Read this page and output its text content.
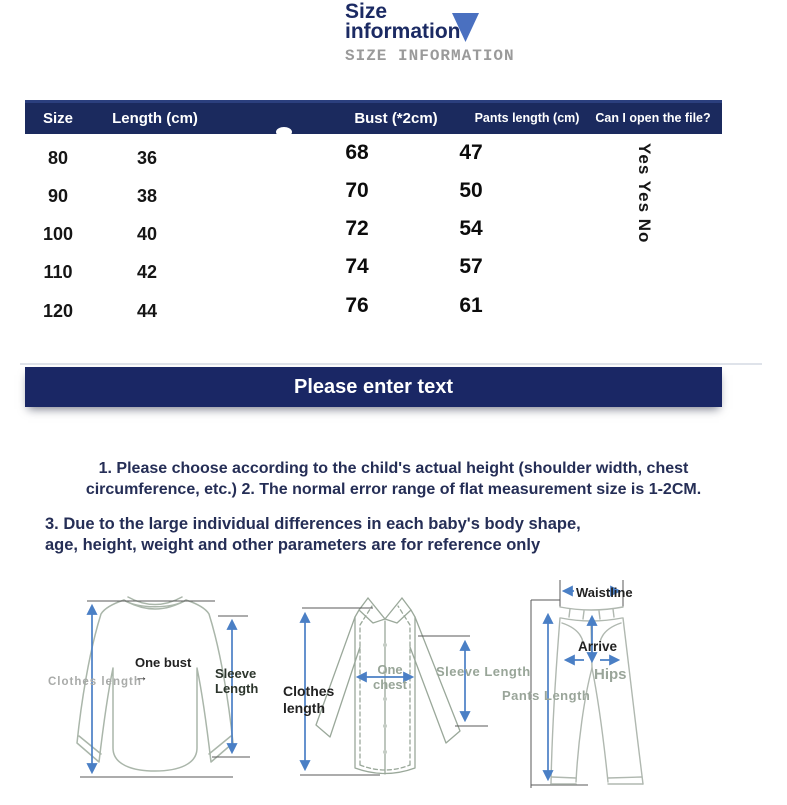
Size
information
SIZE INFORMATION
Size	Length (cm)	Bust (*2cm)	Pants length (cm)	Can I open the file?
80	36	68	47
90	38	70	50
100	40	72	54
110	42	74	57
120	44	76	61
Yes Yes No
Please enter text
1. Please choose according to the child's actual height (shoulder width, chest
circumference, etc.) 2. The normal error range of flat measurement size is 1-2CM.
3. Due to the large individual differences in each baby's body shape,
age, height, weight and other parameters are for reference only
Clothes length
One bust
→	Sleeve Length	Clothes length
One chest
Sleeve Length
Waistline
Arrive
Hips
Pants Length
